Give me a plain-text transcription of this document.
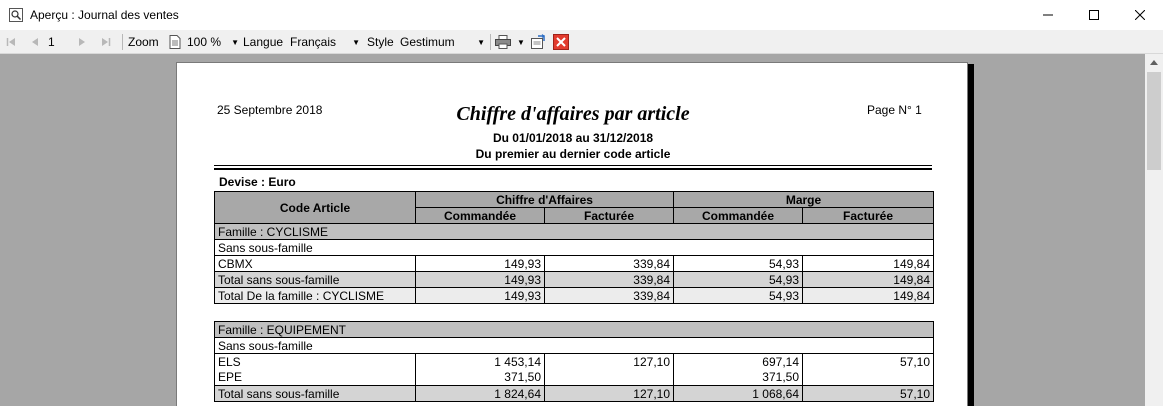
Aperçu : Journal des ventes
1	Zoom 100 % ▼ Langue Français ▼ Style Gestimum	▼	▼
25 Septembre 2018	Chiffre d'affaires par article	Page N° 1
Du 01/01/2018 au 31/12/2018
Du premier au dernier code article
Devise : Euro
Code Article	Chiffre d'Affaires		Marge	
	Commandée	Facturée	Commandée	Facturée
Famille : CYCLISME				
Sans sous-famille				
CBMX	149,93	339,84	54,93	149,84
Total sans sous-famille	149,93	339,84	54,93	149,84
Total De la famille : CYCLISME	149,93	339,84	54,93	149,84
Famille : EQUIPEMENT				
Sans sous-famille				
ELS	1 453,14	127,10	697,14	57,10
EPE	371,50		371,50	
Total sans sous-famille	1 824,64	127,10	1 068,64	57,10
